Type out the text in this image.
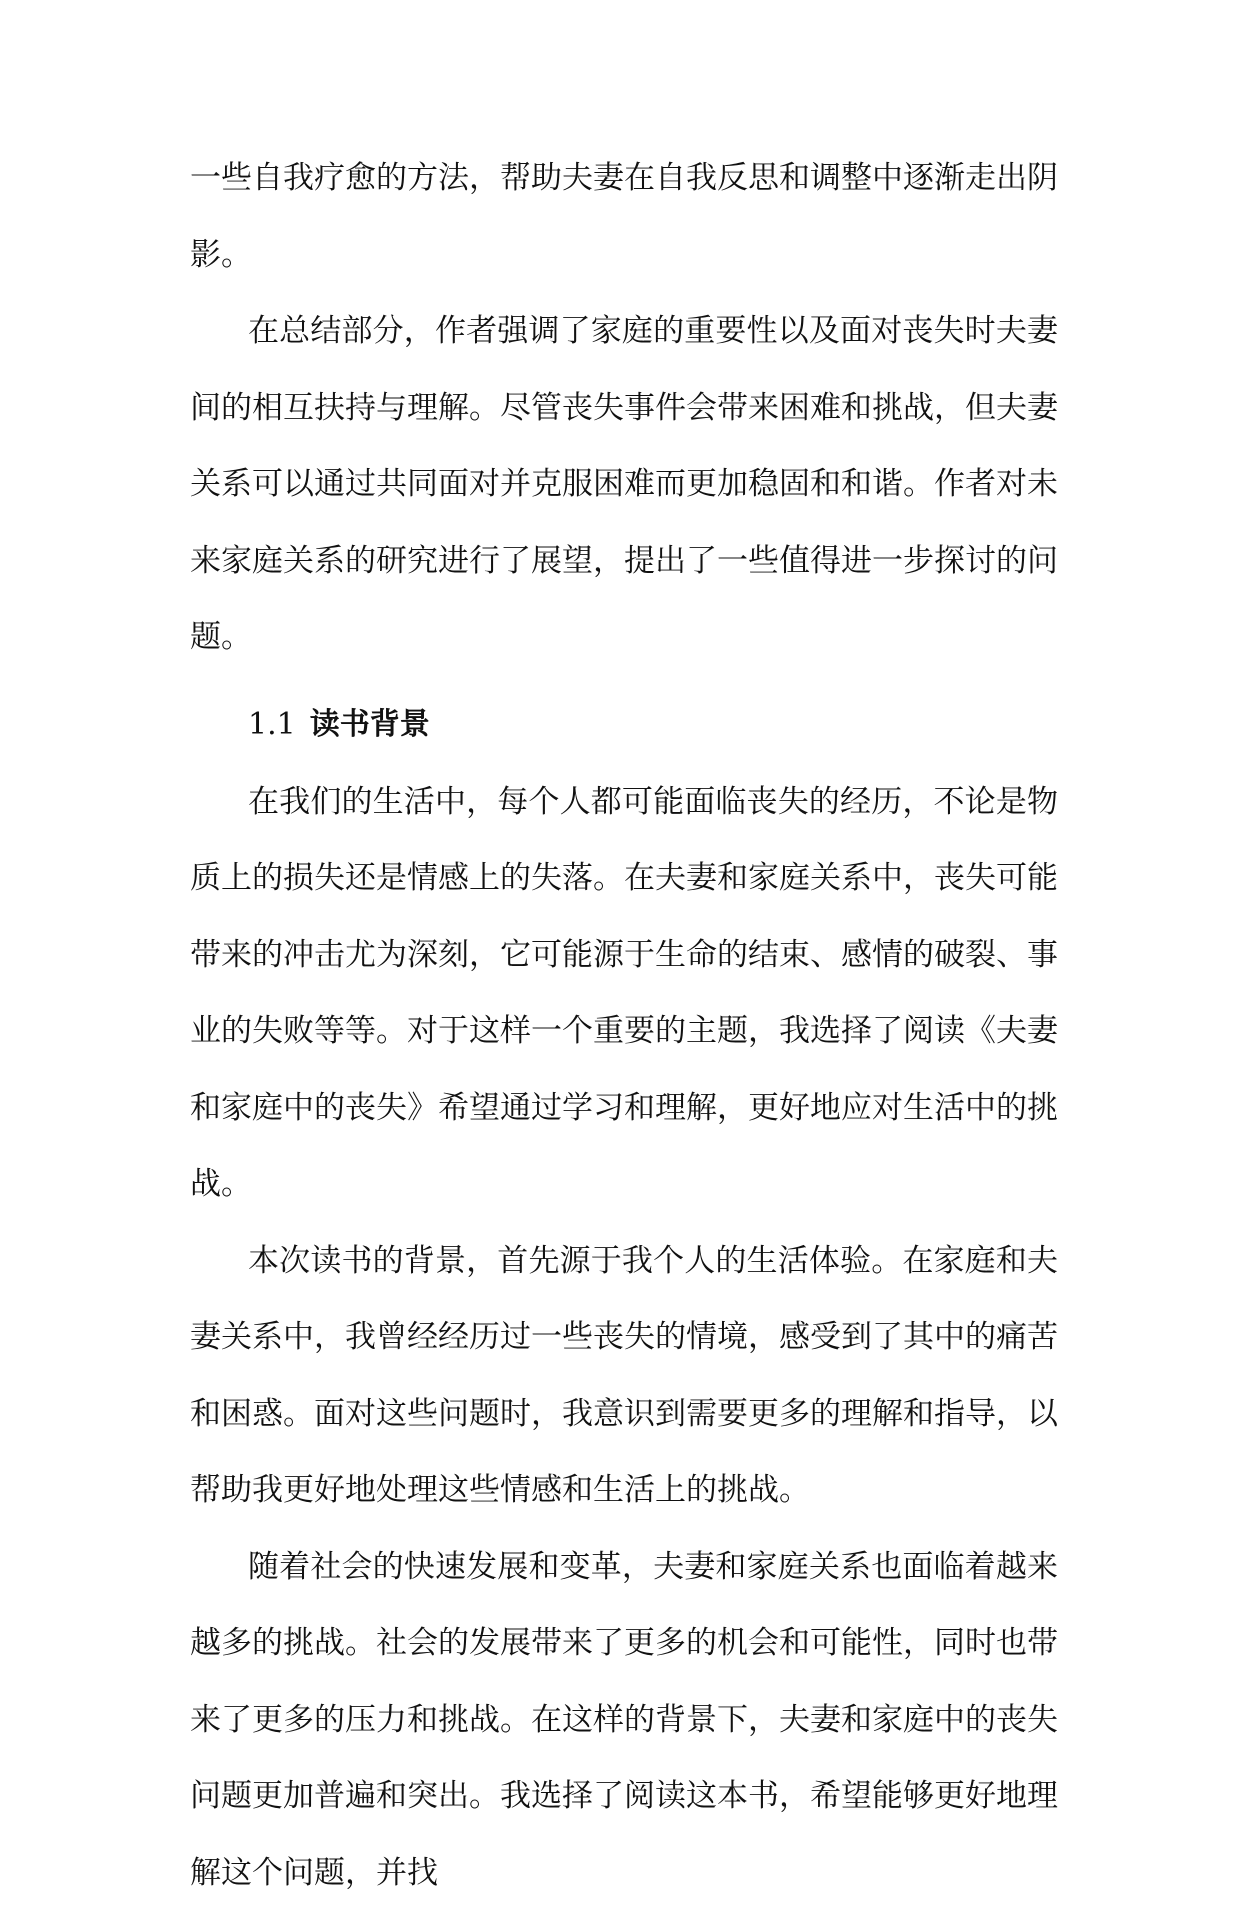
一些自我疗愈的方法，帮助夫妻在自我反思和调整中逐渐走出阴影。

在总结部分，作者强调了家庭的重要性以及面对丧失时夫妻间的相互扶持与理解。尽管丧失事件会带来困难和挑战，但夫妻关系可以通过共同面对并克服困难而更加稳固和和谐。作者对未来家庭关系的研究进行了展望，提出了一些值得进一步探讨的问题。

1.1 读书背景

在我们的生活中，每个人都可能面临丧失的经历，不论是物质上的损失还是情感上的失落。在夫妻和家庭关系中，丧失可能带来的冲击尤为深刻，它可能源于生命的结束、感情的破裂、事业的失败等等。对于这样一个重要的主题，我选择了阅读《夫妻和家庭中的丧失》希望通过学习和理解，更好地应对生活中的挑战。

本次读书的背景，首先源于我个人的生活体验。在家庭和夫妻关系中，我曾经经历过一些丧失的情境，感受到了其中的痛苦和困惑。面对这些问题时，我意识到需要更多的理解和指导，以帮助我更好地处理这些情感和生活上的挑战。

随着社会的快速发展和变革，夫妻和家庭关系也面临着越来越多的挑战。社会的发展带来了更多的机会和可能性，同时也带来了更多的压力和挑战。在这样的背景下，夫妻和家庭中的丧失问题更加普遍和突出。我选择了阅读这本书，希望能够更好地理解这个问题，并找
